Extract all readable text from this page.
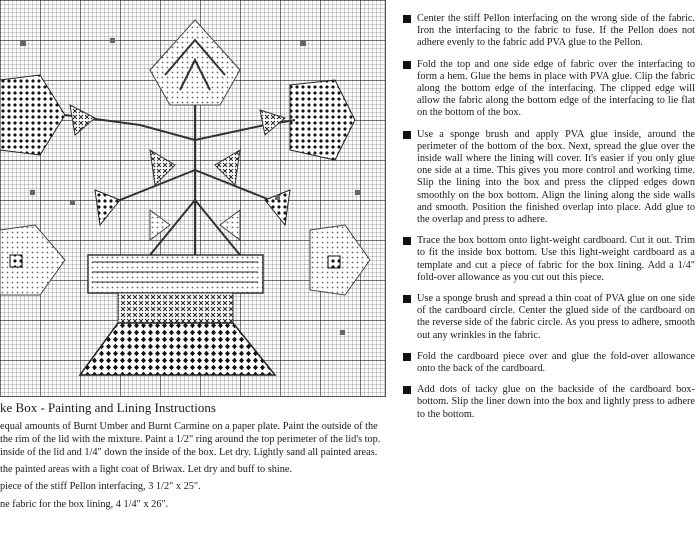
Center the stiff Pellon interfacing on the wrong side of the fabric. Iron the interfacing to the fabric to fuse. If the Pellon does not adhere evenly to the fabric add PVA glue to the Pellon.

Fold the top and one side edge of fabric over the interfacing to form a hem. Glue the hems in place with PVA glue. Clip the fabric along the bottom edge of the interfacing. The clipped edge will allow the fabric along the bottom edge of the interfacing to lie flat on the bottom of the box.

Use a sponge brush and apply PVA glue inside, around the perimeter of the bottom of the box. Next, spread the glue over the inside wall where the lining will cover. It's easier if you only glue one side at a time. This gives you more control and working time. Slip the lining into the box and press the clipped edges down smoothly on the box bottom. Align the lining along the side walls and smooth. Position the finished overlap into place. Add glue to the overlap and press to adhere.

Trace the box bottom onto light-weight cardboard. Cut it out. Trim to fit the inside box bottom. Use this light-weight cardboard as a template and cut a piece of fabric for the box lining. Add a 1/4" fold-over allowance as you cut out this piece.

Use a sponge brush and spread a thin coat of PVA glue on one side of the cardboard circle. Center the glued side of the cardboard on the reverse side of the fabric circle. As you press to adhere, smooth out any wrinkles in the fabric.

Fold the cardboard piece over and glue the fold-over allowance onto the back of the cardboard.

Add dots of tacky glue on the backside of the cardboard box-bottom. Slip the liner down into the box and lightly press to adhere to the bottom.

ke Box - Painting and Lining Instructions
equal amounts of Burnt Umber and Burnt Carmine on a paper plate. Paint the outside of the
the rim of the lid with the mixture. Paint a 1/2" ring around the top perimeter of the lid's top.
inside of the lid and 1/4" down the inside of the box. Let dry. Lightly sand all painted areas.
the painted areas with a light coat of Briwax. Let dry and buff to shine.
piece of the stiff Pellon interfacing, 3 1/2" x 25".
ne fabric for the box lining, 4 1/4" x 26".
